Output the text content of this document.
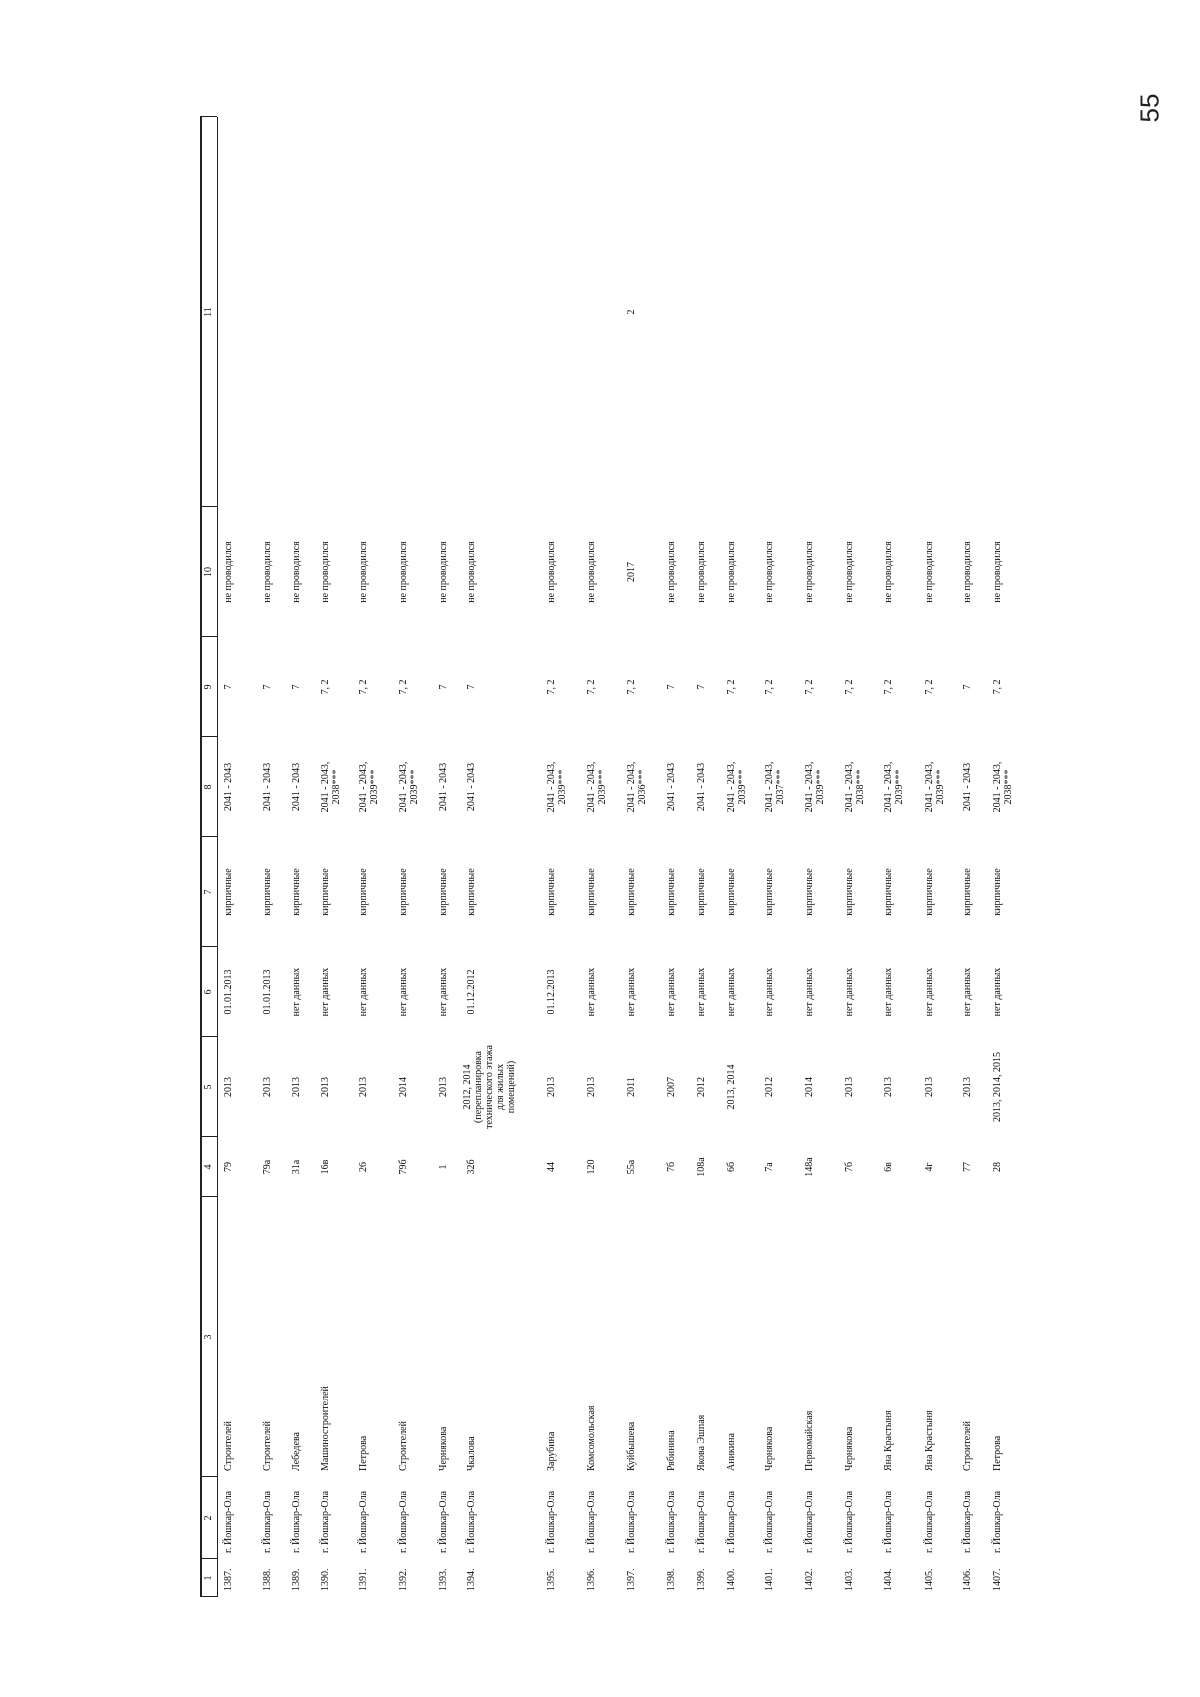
55
1
2
3
4
5
6
7
8
9
10
11
1387.
г. Йошкар-Ола
Строителей
79
2013
01.01.2013
кирпичные
2041 - 2043
7
не проводился
1388.
г. Йошкар-Ола
Строителей
79а
2013
01.01.2013
кирпичные
2041 - 2043
7
не проводился
1389.
г. Йошкар-Ола
Лебедева
31а
2013
нет данных
кирпичные
2041 - 2043
7
не проводился
1390.
г. Йошкар-Ола
Машиностроителей
16в
2013
нет данных
кирпичные
2041 - 2043, 2038***
7, 2
не проводился
1391.
г. Йошкар-Ола
Петрова
26
2013
нет данных
кирпичные
2041 - 2043, 2039***
7, 2
не проводился
1392.
г. Йошкар-Ола
Строителей
79б
2014
нет данных
кирпичные
2041 - 2043, 2039***
7, 2
не проводился
1393.
г. Йошкар-Ола
Чернякова
1
2013
нет данных
кирпичные
2041 - 2043
7
не проводился
1394.
г. Йошкар-Ола
Чкалова
32б
2012, 2014 (перепланировка технического этажа для жилых помещений)
01.12.2012
кирпичные
2041 - 2043
7
не проводился
1395.
г. Йошкар-Ола
Зарубина
44
2013
01.12.2013
кирпичные
2041 - 2043, 2039***
7, 2
не проводился
1396.
г. Йошкар-Ола
Комсомольская
120
2013
нет данных
кирпичные
2041 - 2043, 2039***
7, 2
не проводился
1397.
г. Йошкар-Ола
Куйбышева
55а
2011
нет данных
кирпичные
2041 - 2043, 2036***
7, 2
2017
2
1398.
г. Йошкар-Ола
Рябинина
7б
2007
нет данных
кирпичные
2041 - 2043
7
не проводился
1399.
г. Йошкар-Ола
Якова Эшпая
108а
2012
нет данных
кирпичные
2041 - 2043
7
не проводился
1400.
г. Йошкар-Ола
Аникина
6б
2013, 2014
нет данных
кирпичные
2041 - 2043, 2039***
7, 2
не проводился
1401.
г. Йошкар-Ола
Чернякова
7а
2012
нет данных
кирпичные
2041 - 2043, 2037***
7, 2
не проводился
1402.
г. Йошкар-Ола
Первомайская
148а
2014
нет данных
кирпичные
2041 - 2043, 2039***
7, 2
не проводился
1403.
г. Йошкар-Ола
Чернякова
7б
2013
нет данных
кирпичные
2041 - 2043, 2038***
7, 2
не проводился
1404.
г. Йошкар-Ола
Яна Крастыня
6в
2013
нет данных
кирпичные
2041 - 2043, 2039***
7, 2
не проводился
1405.
г. Йошкар-Ола
Яна Крастыня
4г
2013
нет данных
кирпичные
2041 - 2043, 2039***
7, 2
не проводился
1406.
г. Йошкар-Ола
Строителей
77
2013
нет данных
кирпичные
2041 - 2043
7
не проводился
1407.
г. Йошкар-Ола
Петрова
28
2013, 2014, 2015
нет данных
кирпичные
2041 - 2043, 2038***
7, 2
не проводился
